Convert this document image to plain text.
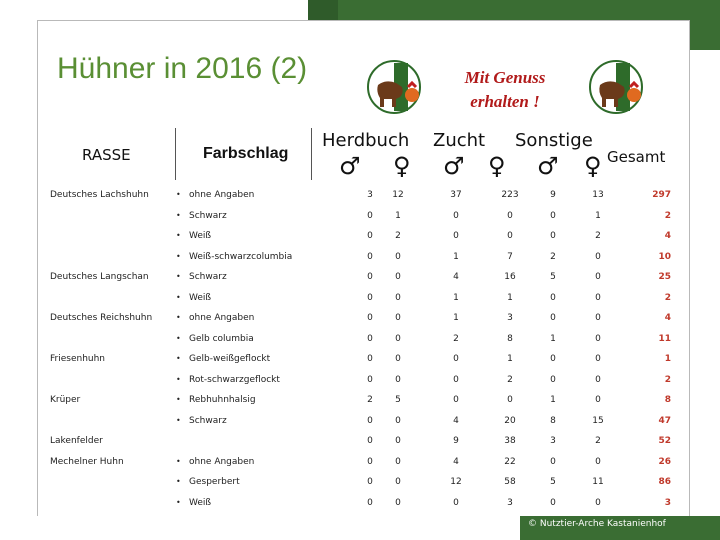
9	31-05-2016
Hühner in 2016 (2)	Mit Genuss
erhalten !
RASSE	Farbschlag
Herdbuch Zucht Sonstige
Gesamt
♂ ♀ ♂ ♀ ♂ ♀
Deutsches Lachshuhn	• ohne Angaben	3	12	37	223	9	13	297
• Schwarz	0	1	0	0	0	1	2
• Weiß	0	2	0	0	0	2	4
• Weiß-schwarzcolumbia	0	0	1	7	2	0	10
Deutsches Langschan	• Schwarz	0	0	4	16	5	0	25
• Weiß	0	0	1	1	0	0	2
Deutsches Reichshuhn	• ohne Angaben	0	0	1	3	0	0	4
• Gelb columbia	0	0	2	8	1	0	11
Friesenhuhn	• Gelb-weißgeflockt	0	0	0	1	0	0	1
• Rot-schwarzgeflockt	0	0	0	2	0	0	2
Krüper	• Rebhuhnhalsig	2	5	0	0	1	0	8
• Schwarz	0	0	4	20	8	15	47
Lakenfelder	0	0	9	38	3	2	52
Mechelner Huhn	• ohne Angaben	0	0	4	22	0	0	26
• Gesperbert	0	0	12	58	5	11	86
• Weiß	0	0	0	3	0	0	3
© Nutztier-Arche Kastanienhof
